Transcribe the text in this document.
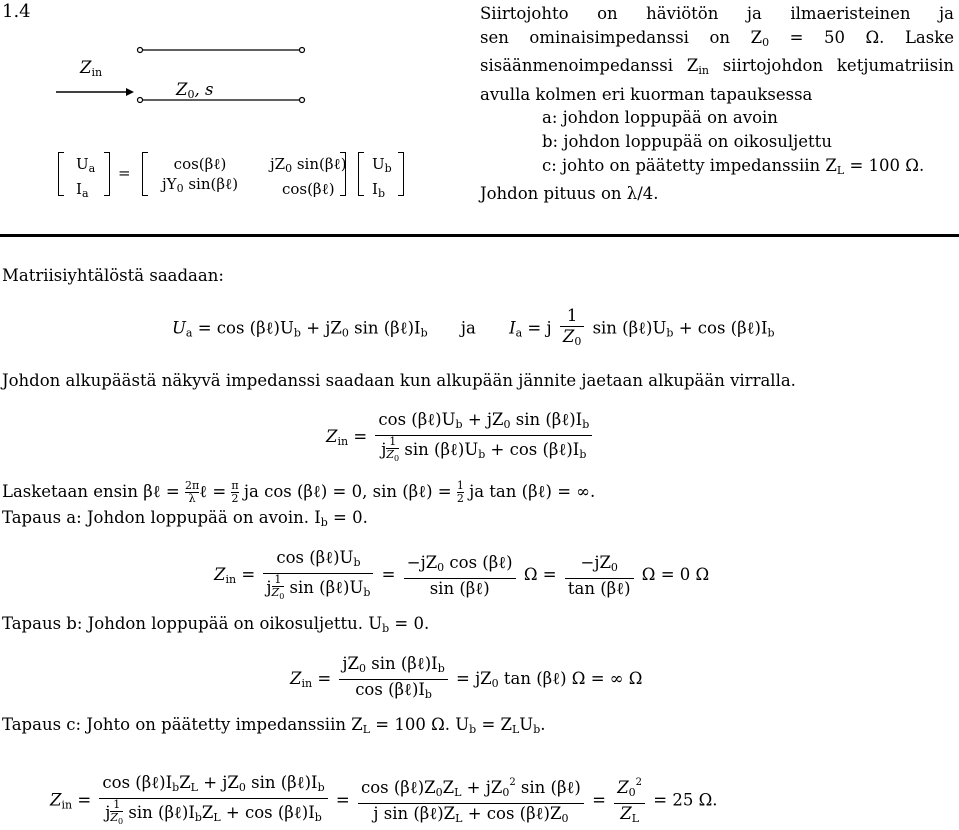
1.4
$Z_{in}$
$Z_0$, s
$U_a$
$I_a$
=	cos(βℓ)
$jY_0$ sin(βℓ)
$jZ_0$ sin(βℓ)
cos(βℓ)
$U_b$
$I_b$
Siirtojohto on häviötön ja ilmaeristeinen ja
sen ominaisimpedanssi on $Z_0 = 50$ Ω. Laske
sisäänmenoimpedanssi $Z_{in}$ siirtojohdon ketjumatriisin
avulla kolmen eri kuorman tapauksessa
a: johdon loppupää on avoin
b: johdon loppupää on oikosuljettu
c: johto on päätetty impedanssiin $Z_L = 100$ Ω.
Johdon pituus on λ/4.
Matriisiyhtälöstä saadaan:
$U_a = \cos$ $(\beta\ell)U_b + jZ_0$ $\sin (\beta\ell)I_b$ ja $I_a = j \frac{1}{Z_0}$ $\sin (\beta\ell)U_b + \cos$ $(\beta\ell)I_b$
Johdon alkupäästä näkyvä impedanssi saadaan kun alkupään jännite jaetaan alkupään virralla.
$Z_{in} = \frac{\cos (\beta\ell)U_b + jZ_0 \sin (\beta\ell)I_b}{j \frac{1}{Z_0} \sin (\beta\ell)U_b + \cos (\beta\ell)I_b}$
Lasketaan ensin βℓ = $\frac{2\pi}{\lambda}$ ℓ = $\frac{\pi}{2}$ ja cos (βℓ) = 0, sin (βℓ) = $\frac{1}{2}$ ja tan (βℓ) = ∞.
Tapaus a: Johdon loppupää on avoin. $I_b = 0$.
$Z_{in} = \frac{\cos (\beta\ell)U_b}{j \frac{1}{Z_0} \sin (\beta\ell)U_b} = \frac{-jZ_0 \cos (\beta\ell)}{\text{sin (βℓ)}}$ $\Omega = \frac{-jZ_0}{\text{tan (βℓ)}}$ Ω = 0 Ω
Tapaus b: Johdon loppupää on oikosuljettu. $U_b = 0$.
$Z_{in} = \frac{jZ_0 \sin (\beta\ell)I_b}{\cos (\beta\ell)I_b} = jZ_0$ tan (βℓ) Ω = ∞ Ω
Tapaus c: Johto on päätetty impedanssiin $Z_L = 100$ Ω. $U_b = Z_LU_b$.
$Z_{in} = \frac{\cos (\beta\ell)I_bZ_L + jZ_0 \sin (\beta\ell)I_b}{j \frac{1}{Z_0} \sin (\beta\ell)I_bZ_L + \cos (\beta\ell)I_b} = \frac{\cos (\beta\ell)Z_0Z_L + jZ_0^2 \sin (\beta\ell)}{j \sin (\beta\ell)Z_L + \cos (\beta\ell)Z_0} = \frac{Z_0^2}{Z_L} = 25$ Ω.
